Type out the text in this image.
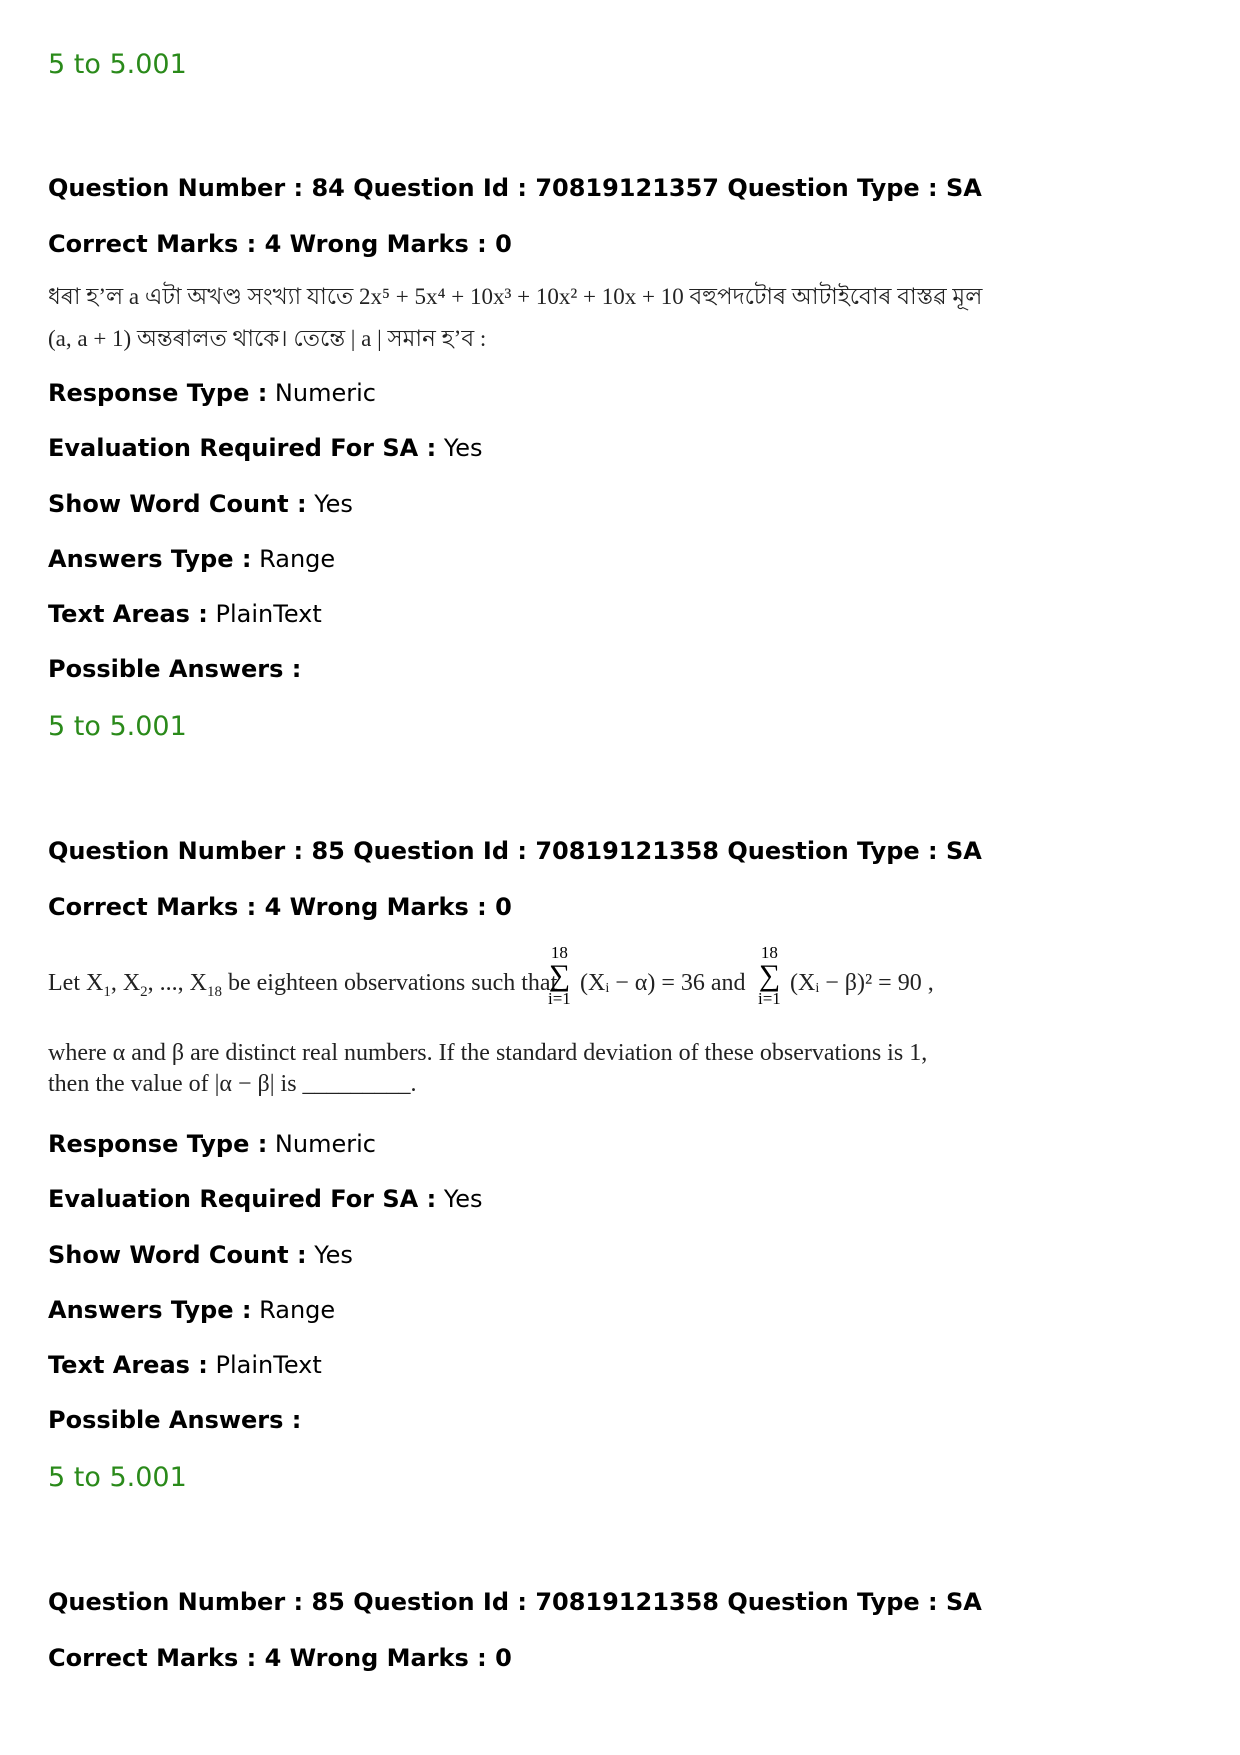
5 to 5.001
Question Number : 84 Question Id : 70819121357 Question Type : SA
Correct Marks : 4 Wrong Marks : 0
ধৰা হ’ল a এটা অখণ্ড সংখ্যা যাতে 2x⁵ + 5x⁴ + 10x³ + 10x² + 10x + 10 বহুপদটোৰ আটাইবোৰ বাস্তৱ মূল
(a, a + 1) অন্তৰালত থাকে। তেন্তে | a | সমান হ’ব :
Response Type : Numeric
Evaluation Required For SA : Yes
Show Word Count : Yes
Answers Type : Range
Text Areas : PlainText
Possible Answers :
5 to 5.001
Question Number : 85 Question Id : 70819121358 Question Type : SA
Correct Marks : 4 Wrong Marks : 0
Let $X_1$, $X_2$, ..., $X_{18}$ be eighteen observations such that
18
∑
i=1
(Xᵢ − α) = 36 and
18
∑
i=1
(Xᵢ − β)² = 90 ,
where α and β are distinct real numbers. If the standard deviation of these observations is 1,
then the value of |α − β| is _________.
Response Type : Numeric
Evaluation Required For SA : Yes
Show Word Count : Yes
Answers Type : Range
Text Areas : PlainText
Possible Answers :
5 to 5.001
Question Number : 85 Question Id : 70819121358 Question Type : SA
Correct Marks : 4 Wrong Marks : 0
